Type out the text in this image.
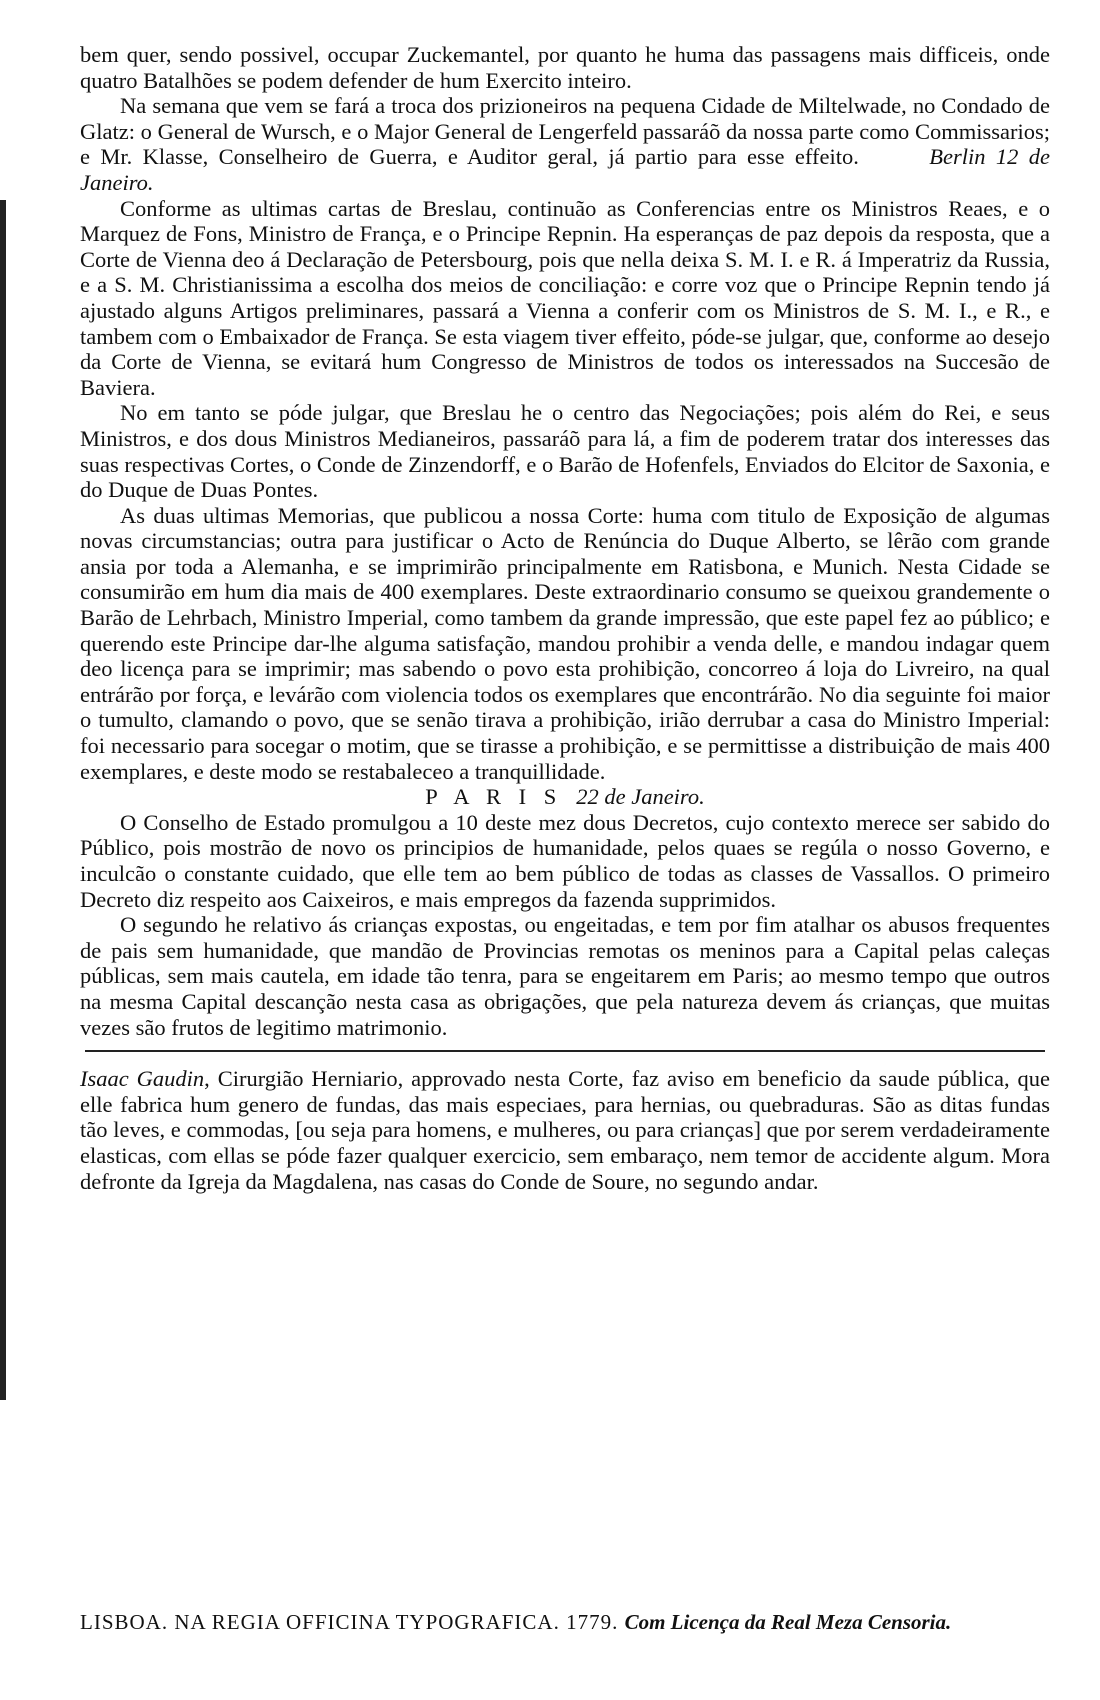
bem quer, sendo possivel, occupar Zuckemantel, por quanto he huma das passagens mais difficeis, onde quatro Batalhões se podem defender de hum Exercito inteiro.

Na semana que vem se fará a troca dos prizioneiros na pequena Cidade de Miltelwade, no Condado de Glatz: o General de Wursch, e o Major General de Lengerfeld passaráõ da nossa parte como Commissarios; e Mr. Klasse, Conselheiro de Guerra, e Auditor geral, já partio para esse effeito.	Berlin 12 de Janeiro.

Conforme as ultimas cartas de Breslau, continuão as Conferencias entre os Ministros Reaes, e o Marquez de Fons, Ministro de França, e o Principe Repnin. Ha esperanças de paz depois da resposta, que a Corte de Vienna deo á Declaração de Petersbourg, pois que nella deixa S. M. I. e R. á Imperatriz da Russia, e a S. M. Christianissima a escolha dos meios de conciliação: e corre voz que o Principe Repnin tendo já ajustado alguns Artigos preliminares, passará a Vienna a conferir com os Ministros de S. M. I., e R., e tambem com o Embaixador de França. Se esta viagem tiver effeito, póde-se julgar, que, conforme ao desejo da Corte de Vienna, se evitará hum Congresso de Ministros de todos os interessados na Succesão de Baviera.

No em tanto se póde julgar, que Breslau he o centro das Negociações; pois além do Rei, e seus Ministros, e dos dous Ministros Medianeiros, passaráõ para lá, a fim de poderem tratar dos interesses das suas respectivas Cortes, o Conde de Zinzendorff, e o Barão de Hofenfels, Enviados do Elcitor de Saxonia, e do Duque de Duas Pontes.

As duas ultimas Memorias, que publicou a nossa Corte: huma com titulo de Exposição de algumas novas circumstancias; outra para justificar o Acto de Renúncia do Duque Alberto, se lêrão com grande ansia por toda a Alemanha, e se imprimirão principalmente em Ratisbona, e Munich. Nesta Cidade se consumirão em hum dia mais de 400 exemplares. Deste extraordinario consumo se queixou grandemente o Barão de Lehrbach, Ministro Imperial, como tambem da grande impressão, que este papel fez ao público; e querendo este Principe dar-lhe alguma satisfação, mandou prohibir a venda delle, e mandou indagar quem deo licença para se imprimir; mas sabendo o povo esta prohibição, concorreo á loja do Livreiro, na qual entrárão por força, e levárão com violencia todos os exemplares que encontrárão. No dia seguinte foi maior o tumulto, clamando o povo, que se senão tirava a prohibição, irião derrubar a casa do Ministro Imperial: foi necessario para socegar o motim, que se tirasse a prohibição, e se permittisse a distribuição de mais 400 exemplares, e deste modo se restabaleceo a tranquillidade.

P A R I S 22 de Janeiro.

O Conselho de Estado promulgou a 10 deste mez dous Decretos, cujo contexto merece ser sabido do Público, pois mostrão de novo os principios de humanidade, pelos quaes se regúla o nosso Governo, e inculcão o constante cuidado, que elle tem ao bem público de todas as classes de Vassallos. O primeiro Decreto diz respeito aos Caixeiros, e mais empregos da fazenda supprimidos.

O segundo he relativo ás crianças expostas, ou engeitadas, e tem por fim atalhar os abusos frequentes de pais sem humanidade, que mandão de Provincias remotas os meninos para a Capital pelas caleças públicas, sem mais cautela, em idade tão tenra, para se engeitarem em Paris; ao mesmo tempo que outros na mesma Capital descanção nesta casa as obrigações, que pela natureza devem ás crianças, que muitas vezes são frutos de legitimo matrimonio.

Isaac Gaudin, Cirurgião Herniario, approvado nesta Corte, faz aviso em beneficio da saude pública, que elle fabrica hum genero de fundas, das mais especiaes, para hernias, ou quebraduras. São as ditas fundas tão leves, e commodas, [ou seja para homens, e mulheres, ou para crianças] que por serem verdadeiramente elasticas, com ellas se póde fazer qualquer exercicio, sem embaraço, nem temor de accidente algum. Mora defronte da Igreja da Magdalena, nas casas do Conde de Soure, no segundo andar.

LISBOA. NA REGIA OFFICINA TYPOGRAFICA. 1779. Com Licença da Real Meza Censoria.
